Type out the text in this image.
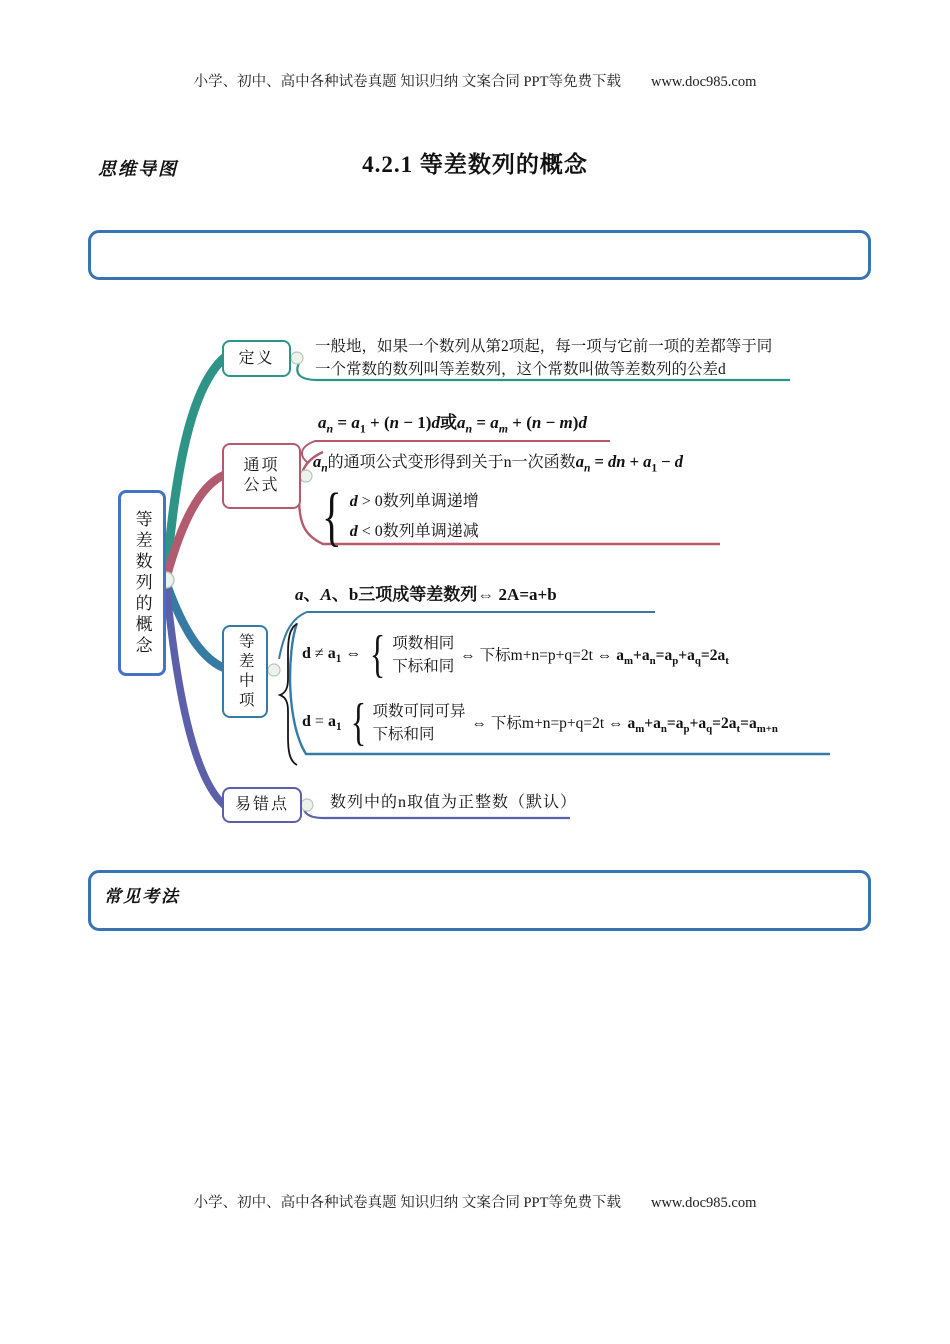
小学、初中、高中各种试卷真题 知识归纳 文案合同 PPT等免费下载 www.doc985.com
思维导图	4.2.1 等差数列的概念
等差数列的概念
定义
一般地，如果一个数列从第2项起，每一项与它前一项的差都等于同一个常数的数列叫等差数列，这个常数叫做等差数列的公差d
通项
公式
$a_n = a_1 + (n - 1)d$或$a_n = a_m + (n - m)d$
$a_n$的通项公式变形得到关于n一次函数$a_n$ = dn + $a_1 - d$
{ d > 0数列单调递增
d < 0数列单调递减
等差中项
a、A、b三项成等差数列⇔ 2A=a+b
$d \ne a_1$ ⇔ { 项数相同
下标和同
⇔ 下标m+n=p+q=2t ⇔ $a_m+a_n=a_p+a_q=2a_t$
$d = a_1$ { 项数可同可异
下标和同
⇔ 下标m+n=p+q=2t ⇔ $a_m+a_n=a_p+a_q=2a_t=a_{m+n}$
易错点	数列中的n取值为正整数（默认）
常见考法
小学、初中、高中各种试卷真题 知识归纳 文案合同 PPT等免费下载 www.doc985.com
